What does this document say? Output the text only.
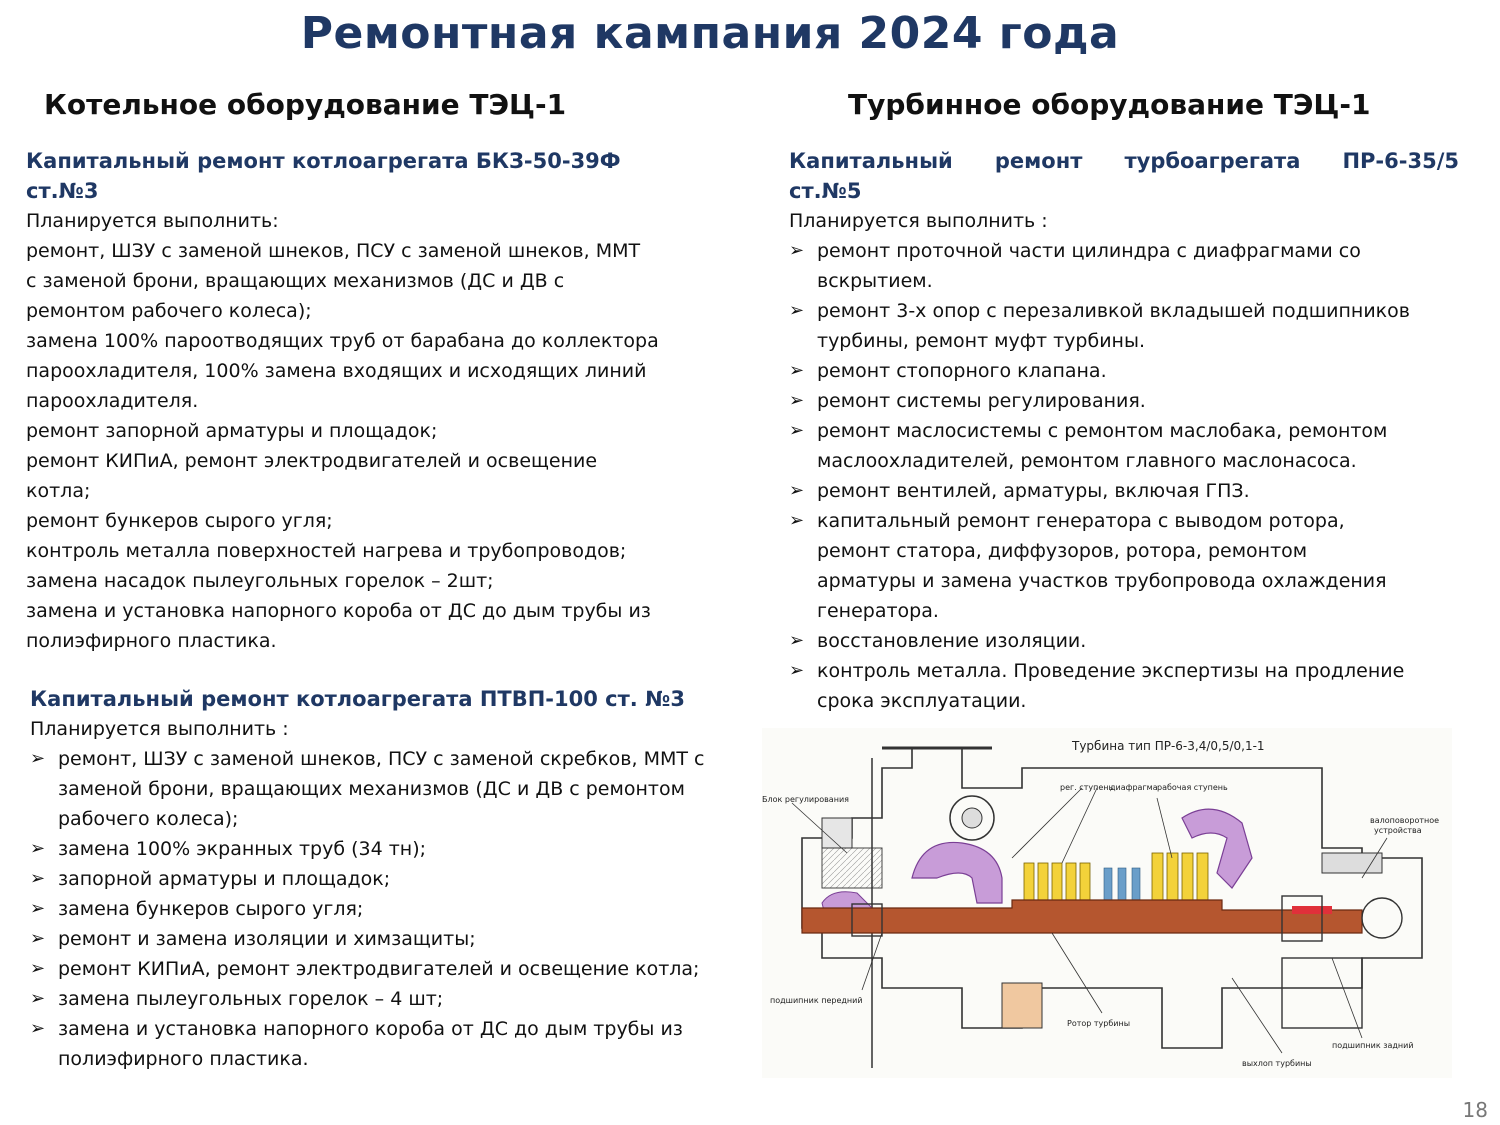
Ремонтная кампания 2024 года
Котельное оборудование ТЭЦ-1	Турбинное оборудование ТЭЦ-1
Капитальный ремонт котлоагрегата БКЗ-50-39Ф
ст.№3
Планируется выполнить:
ремонт, ШЗУ с заменой шнеков, ПСУ с заменой шнеков, ММТ
с заменой брони, вращающих механизмов (ДС и ДВ с
ремонтом рабочего колеса);
замена 100% пароотводящих труб от барабана до коллектора
пароохладителя, 100% замена входящих и исходящих линий
пароохладителя.
ремонт запорной арматуры и площадок;
ремонт КИПиА, ремонт электродвигателей и освещение
котла;
ремонт бункеров сырого угля;
контроль металла поверхностей нагрева и трубопроводов;
замена насадок пылеугольных горелок – 2шт;
замена и установка напорного короба от ДС до дым трубы из
полиэфирного пластика.
Капитальный ремонт котлоагрегата ПТВП-100 ст. №3
Планируется выполнить :
➢ ремонт, ШЗУ с заменой шнеков, ПСУ с заменой скребков, ММТ с
заменой брони, вращающих механизмов (ДС и ДВ с ремонтом
рабочего колеса);
➢ замена 100% экранных труб (34 тн);
➢ запорной арматуры и площадок;
➢ замена бункеров сырого угля;
➢ ремонт и замена изоляции и химзащиты;
➢ ремонт КИПиА, ремонт электродвигателей и освещение котла;
➢ замена пылеугольных горелок – 4 шт;
➢ замена и установка напорного короба от ДС до дым трубы из
полиэфирного пластика.
Капитальный ремонт турбоагрегата ПР-6-35/5
ст.№5
Планируется выполнить :
➢ ремонт проточной части цилиндра с диафрагмами со
вскрытием.
➢ ремонт 3-х опор с перезаливкой вкладышей подшипников
турбины, ремонт муфт турбины.
➢ ремонт стопорного клапана.
➢ ремонт системы регулирования.
➢ ремонт маслосистемы с ремонтом маслобака, ремонтом
маслоохладителей, ремонтом главного маслонасоса.
➢ ремонт вентилей, арматуры, включая ГПЗ.
➢ капитальный ремонт генератора с выводом ротора,
ремонт статора, диффузоров, ротора, ремонтом
арматуры и замена участков трубопровода охлаждения
генератора.
➢ восстановление изоляции.
➢ контроль металла. Проведение экспертизы на продление
срока эксплуатации.
Турбина тип ПР-6-3,4/0,5/0,1-1
Блок регулирования
рег. ступень
диафрагма рабочая ступень
валоповоротное
устройства
подшипник передний
Ротор турбины
выхлоп турбины
подшипник задний
18
